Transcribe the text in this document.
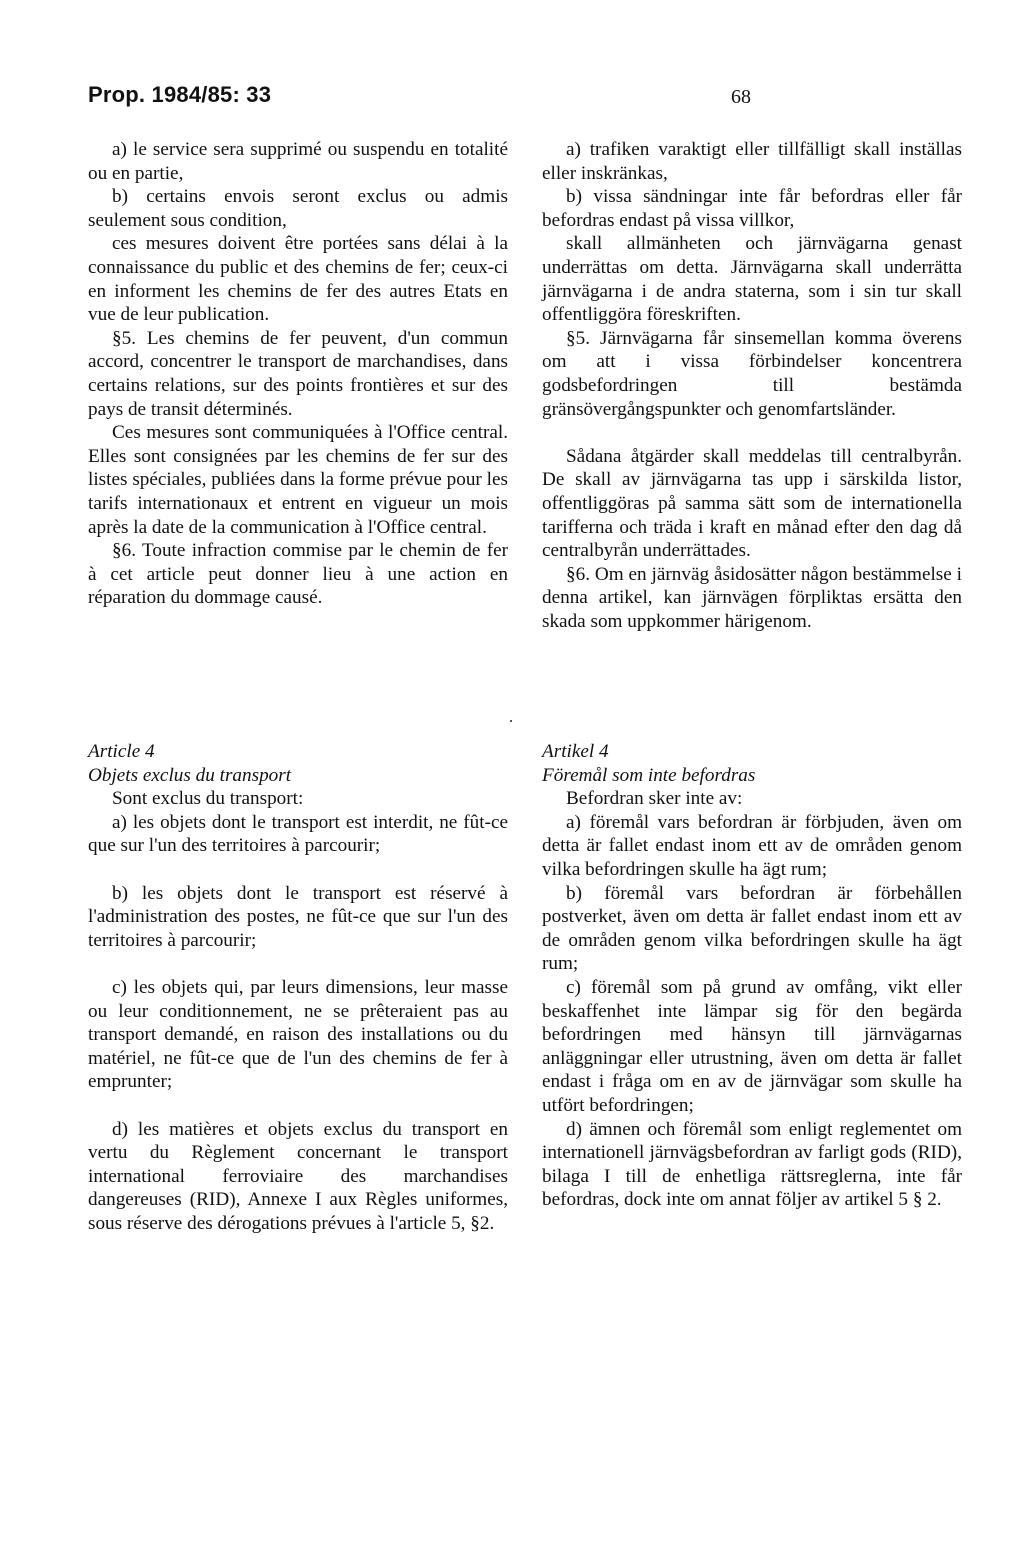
Prop. 1984/85: 33	68

a) le service sera supprimé ou suspendu en totalité ou en partie,

b) certains envois seront exclus ou admis seulement sous condition,

ces mesures doivent être portées sans délai à la connaissance du public et des chemins de fer; ceux-ci en informent les chemins de fer des autres Etats en vue de leur publication.

§5. Les chemins de fer peuvent, d'un commun accord, concentrer le transport de marchandises, dans certains relations, sur des points frontières et sur des pays de transit déterminés.

Ces mesures sont communiquées à l'Office central. Elles sont consignées par les chemins de fer sur des listes spéciales, publiées dans la forme prévue pour les tarifs internationaux et entrent en vigueur un mois après la date de la communication à l'Office central.

§6. Toute infraction commise par le chemin de fer à cet article peut donner lieu à une action en réparation du dommage causé.

a) trafiken varaktigt eller tillfälligt skall inställas eller inskränkas,

b) vissa sändningar inte får befordras eller får befordras endast på vissa villkor,

skall allmänheten och järnvägarna genast underrättas om detta. Järnvägarna skall underrätta järnvägarna i de andra staterna, som i sin tur skall offentliggöra föreskriften.

§5. Järnvägarna får sinsemellan komma överens om att i vissa förbindelser koncentrera godsbefordringen till bestämda gränsövergångspunkter och genomfartsländer.

Sådana åtgärder skall meddelas till centralbyrån. De skall av järnvägarna tas upp i särskilda listor, offentliggöras på samma sätt som de internationella tarifferna och träda i kraft en månad efter den dag då centralbyrån underrättades.

§6. Om en järnväg åsidosätter någon bestämmelse i denna artikel, kan järnvägen förpliktas ersätta den skada som uppkommer härigenom.

Article 4

Objets exclus du transport

Sont exclus du transport:

a) les objets dont le transport est interdit, ne fût-ce que sur l'un des territoires à parcourir;

b) les objets dont le transport est réservé à l'administration des postes, ne fût-ce que sur l'un des territoires à parcourir;

c) les objets qui, par leurs dimensions, leur masse ou leur conditionnement, ne se prêteraient pas au transport demandé, en raison des installations ou du matériel, ne fût-ce que de l'un des chemins de fer à emprunter;

d) les matières et objets exclus du transport en vertu du Règlement concernant le transport international ferroviaire des marchandises dangereuses (RID), Annexe I aux Règles uniformes, sous réserve des dérogations prévues à l'article 5, §2.

Artikel 4

Föremål som inte befordras

Befordran sker inte av:

a) föremål vars befordran är förbjuden, även om detta är fallet endast inom ett av de områden genom vilka befordringen skulle ha ägt rum;

b) föremål vars befordran är förbehållen postverket, även om detta är fallet endast inom ett av de områden genom vilka befordringen skulle ha ägt rum;

c) föremål som på grund av omfång, vikt eller beskaffenhet inte lämpar sig för den begärda befordringen med hänsyn till järnvägarnas anläggningar eller utrustning, även om detta är fallet endast i fråga om en av de järnvägar som skulle ha utfört befordringen;

d) ämnen och föremål som enligt reglementet om internationell järnvägsbefordran av farligt gods (RID), bilaga I till de enhetliga rättsreglerna, inte får befordras, dock inte om annat följer av artikel 5 § 2.
